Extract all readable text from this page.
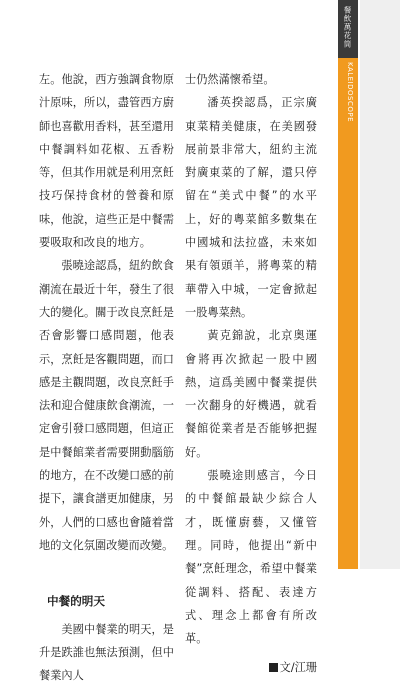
左。他說，西方強調食物原汁原味，所以，盡管西方廚師也喜歡用香料，甚至還用中餐調料如花椒、五香粉等，但其作用就是利用烹飪技巧保持食材的營養和原味，他說，這些正是中餐需要吸取和改良的地方。

張曉途認爲，紐約飲食潮流在最近十年，發生了很大的變化。關于改良烹飪是否會影響口感問題，他表示，烹飪是客觀問題，而口感是主觀問題，改良烹飪手法和迎合健康飲食潮流，一定會引發口感問題，但這正是中餐館業者需要開動腦筋的地方，在不改變口感的前提下，讓食譜更加健康，另外，人們的口感也會隨着當地的文化氛圍改變而改變。

中餐的明天

美國中餐業的明天，是升是跌誰也無法預測，但中餐業內人

士仍然滿懷希望。

潘英揆認爲，正宗廣東菜精美健康，在美國發展前景非常大，紐約主流對廣東菜的了解，還只停留在“美式中餐”的水平上，好的粵菜館多數集在中國城和法拉盛，未來如果有領頭羊，將粵菜的精華帶入中城，一定會掀起一股粵菜熱。

黃克錦說，北京奥運會將再次掀起一股中國熱，這爲美國中餐業提供一次翻身的好機遇，就看餐館從業者是否能够把握好。

張曉途則感言，今日的中餐館最缺少綜合人才，既懂廚藝，又懂管理。同時，他提出“新中餐”烹飪理念，希望中餐業從調料、搭配、表達方式、理念上都會有所改革。

文/江珊

餐飲萬花筒
KALEIDOSCOPE
